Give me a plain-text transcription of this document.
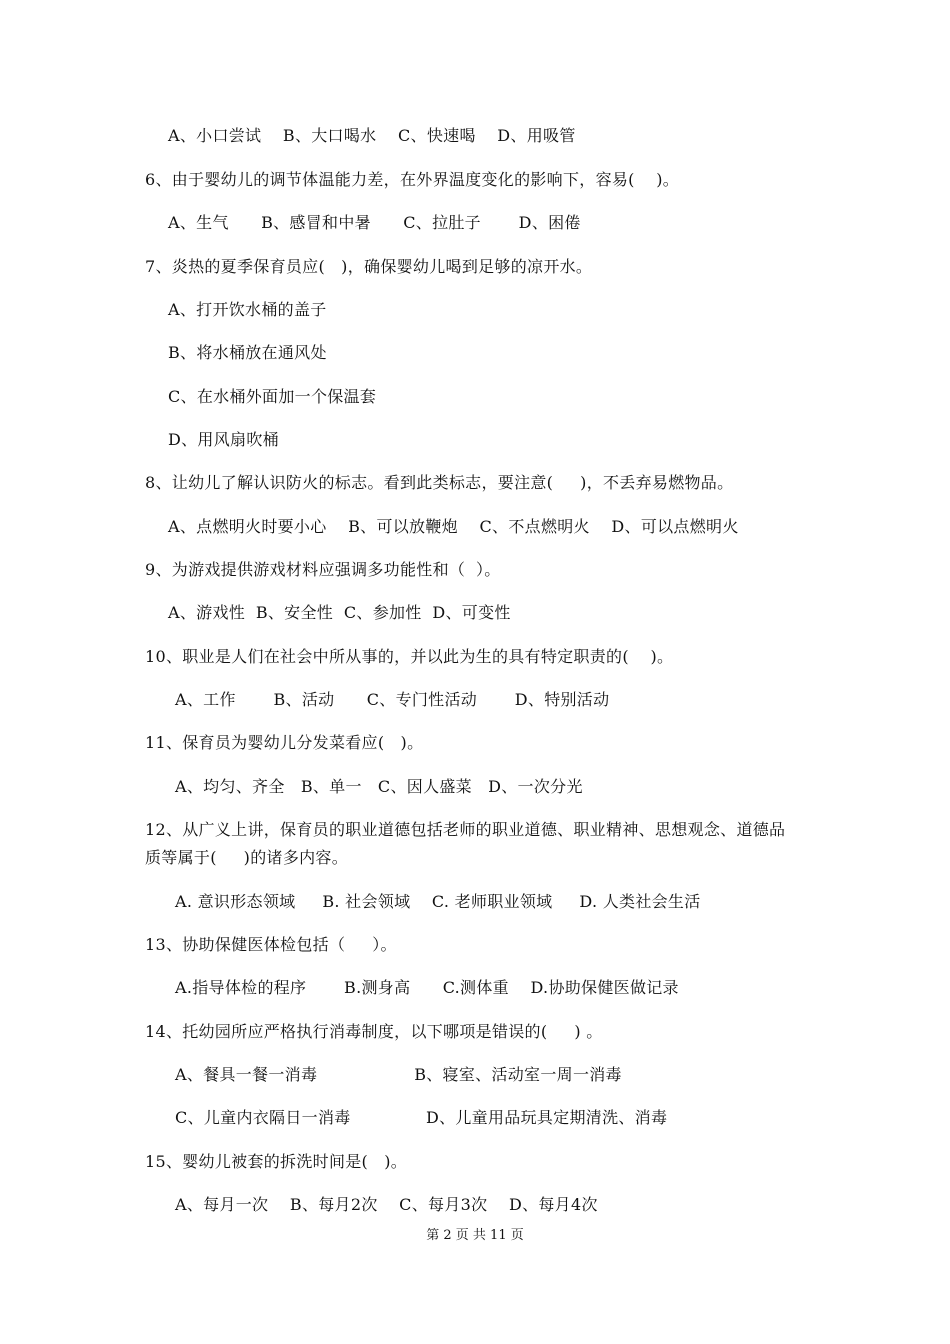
A、小口尝试    B、大口喝水    C、快速喝    D、用吸管
6、由于婴幼儿的调节体温能力差，在外界温度变化的影响下，容易(    )。
A、生气      B、感冒和中暑      C、拉肚子       D、困倦
7、炎热的夏季保育员应(   )，确保婴幼儿喝到足够的凉开水。
A、打开饮水桶的盖子
B、将水桶放在通风处
C、在水桶外面加一个保温套
D、用风扇吹桶
8、让幼儿了解认识防火的标志。看到此类标志，要注意(     )，不丢弃易燃物品。
A、点燃明火时要小心    B、可以放鞭炮    C、不点燃明火    D、可以点燃明火
9、为游戏提供游戏材料应强调多功能性和（  ）。
A、游戏性  B、安全性  C、参加性  D、可变性
10、职业是人们在社会中所从事的，并以此为生的具有特定职责的(    )。
A、工作       B、活动      C、专门性活动       D、特别活动
11、保育员为婴幼儿分发菜看应(   )。
A、均匀、齐全   B、单一   C、因人盛菜   D、一次分光
12、从广义上讲，保育员的职业道德包括老师的职业道德、职业精神、思想观念、道德品
质等属于(     )的诸多内容。
A. 意识形态领域     B. 社会领域    C. 老师职业领域     D. 人类社会生活
13、协助保健医体检包括（     ）。
A.指导体检的程序       B.测身高      C.测体重    D.协助保健医做记录
14、托幼园所应严格执行消毒制度，以下哪项是错误的(     ) 。
A、餐具一餐一消毒                  B、寝室、活动室一周一消毒
C、儿童内衣隔日一消毒              D、儿童用品玩具定期清洗、消毒
15、婴幼儿被套的拆洗时间是(   )。
A、每月一次    B、每月2次    C、每月3次    D、每月4次
第 2 页 共 11 页
